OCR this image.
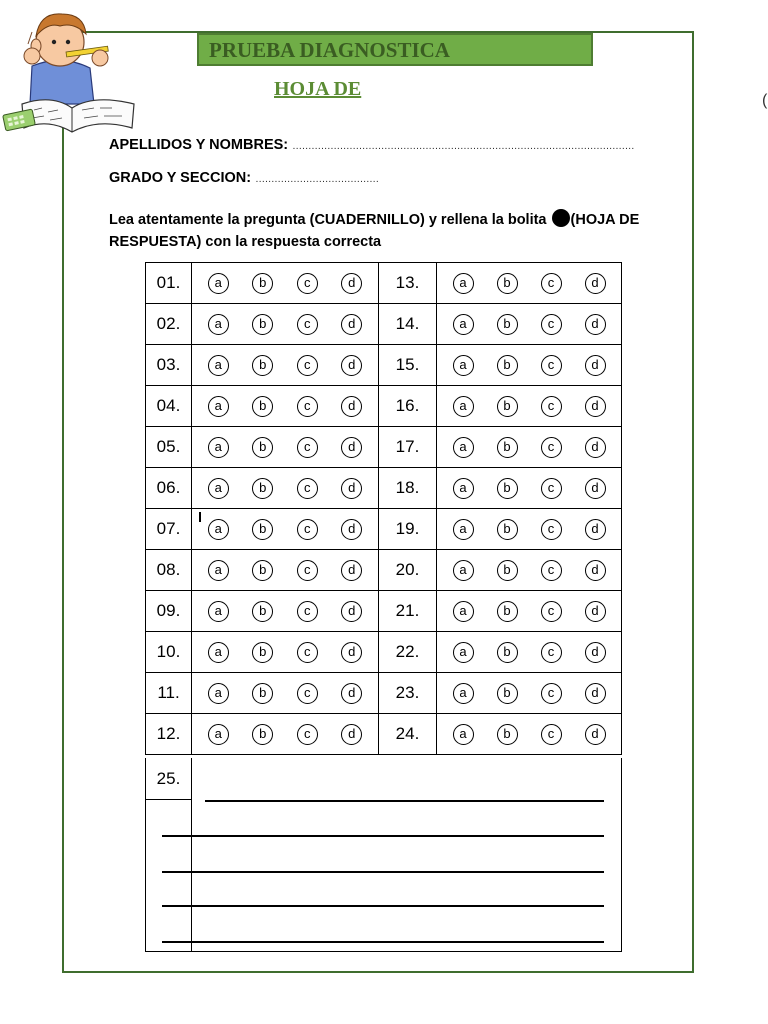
PRUEBA DIAGNOSTICA
HOJA DE
(
APELLIDOS Y NOMBRES: ………………………………………………………………………………………………
GRADO Y SECCION: …………………………………
Lea atentamente la pregunta (CUADERNILLO) y rellena la bolita (HOJA DE RESPUESTA) con la respuesta correcta
01.	a b c d	13.	a b c d

02.	a b c d	14.	a b c d

03.	a b c d	15.	a b c d

04.	a b c d	16.	a b c d

05.	a b c d	17.	a b c d

06.	a b c d	18.	a b c d

07.	a b c d	19.	a b c d

08.	a b c d	20.	a b c d

09.	a b c d	21.	a b c d

10.	a b c d	22.	a b c d

11.	a b c d	23.	a b c d

12.	a b c d	24.	a b c d
25.
